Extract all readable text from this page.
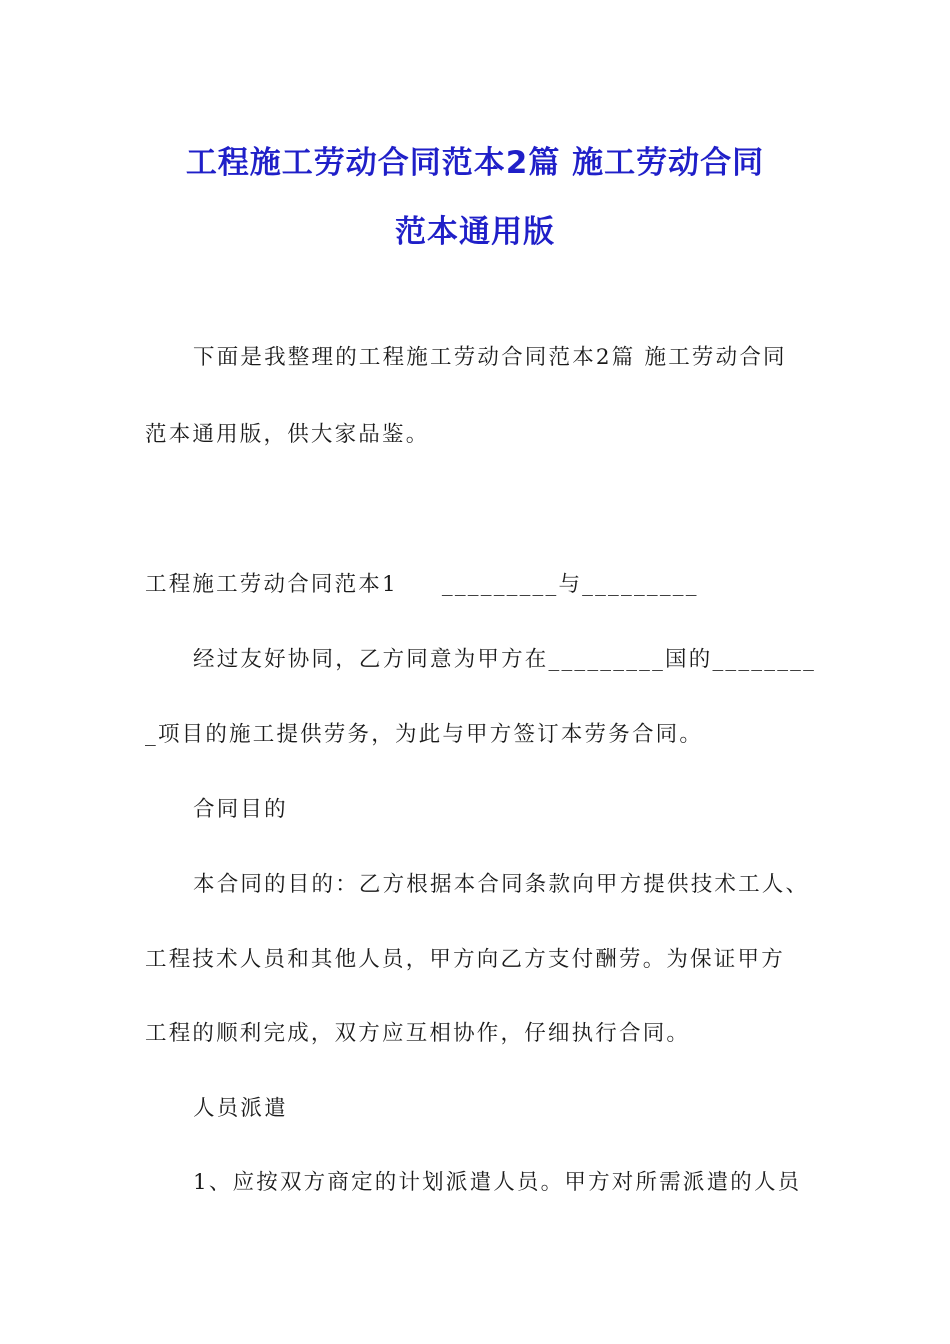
工程施工劳动合同范本2篇 施工劳动合同
范本通用版
下面是我整理的工程施工劳动合同范本2篇 施工劳动合同
范本通用版，供大家品鉴。
工程施工劳动合同范本1 _________与_________
经过友好协同，乙方同意为甲方在_________国的________
_项目的施工提供劳务，为此与甲方签订本劳务合同。
合同目的
本合同的目的：乙方根据本合同条款向甲方提供技术工人、
工程技术人员和其他人员，甲方向乙方支付酬劳。为保证甲方
工程的顺利完成，双方应互相协作，仔细执行合同。
人员派遣
1、应按双方商定的计划派遣人员。甲方对所需派遣的人员
